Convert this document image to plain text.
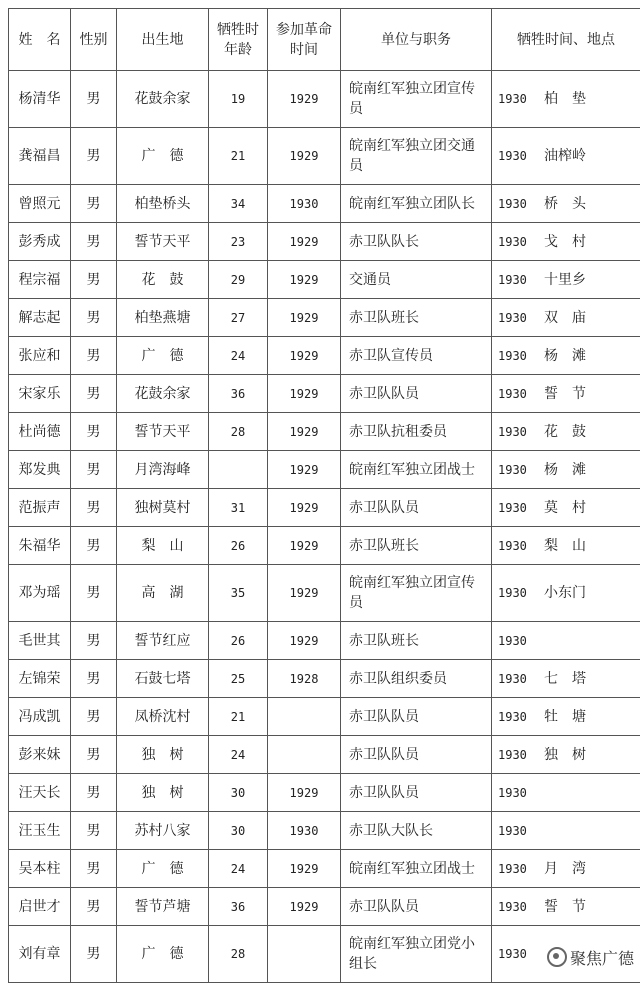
姓　名	性别	出生地	牺牲时年龄	参加革命时间	单位与职务	牺牲时间、地点
杨清华	男	花鼓余家	19	1929	皖南红军独立团宣传员	1930 柏　垫
龚福昌	男	广　德	21	1929	皖南红军独立团交通员	1930 油榨岭
曾照元	男	柏垫桥头	34	1930	皖南红军独立团队长	1930 桥　头
彭秀成	男	誓节天平	23	1929	赤卫队队长	1930 戈　村
程宗福	男	花　鼓	29	1929	交通员	1930 十里乡
解志起	男	柏垫燕塘	27	1929	赤卫队班长	1930 双　庙
张应和	男	广　德	24	1929	赤卫队宣传员	1930 杨　滩
宋家乐	男	花鼓余家	36	1929	赤卫队队员	1930 誓　节
杜尚德	男	誓节天平	28	1929	赤卫队抗租委员	1930 花　鼓
郑发典	男	月湾海峰		1929	皖南红军独立团战士	1930 杨　滩
范振声	男	独树莫村	31	1929	赤卫队队员	1930 莫　村
朱福华	男	梨　山	26	1929	赤卫队班长	1930 梨　山
邓为瑶	男	高　湖	35	1929	皖南红军独立团宣传员	1930 小东门
毛世其	男	誓节红应	26	1929	赤卫队班长	1930
左锦荣	男	石鼓七塔	25	1928	赤卫队组织委员	1930 七　塔
冯成凯	男	凤桥沈村	21		赤卫队队员	1930 牡　塘
彭来妹	男	独　树	24		赤卫队队员	1930 独　树
汪天长	男	独　树	30	1929	赤卫队队员	1930
汪玉生	男	苏村八家	30	1930	赤卫队大队长	1930
吴本柱	男	广　德	24	1929	皖南红军独立团战士	1930 月　湾
启世才	男	誓节芦塘	36	1929	赤卫队队员	1930 誓　节
刘有章	男	广　德	28		皖南红军独立团党小组长	1930	聚焦广德
